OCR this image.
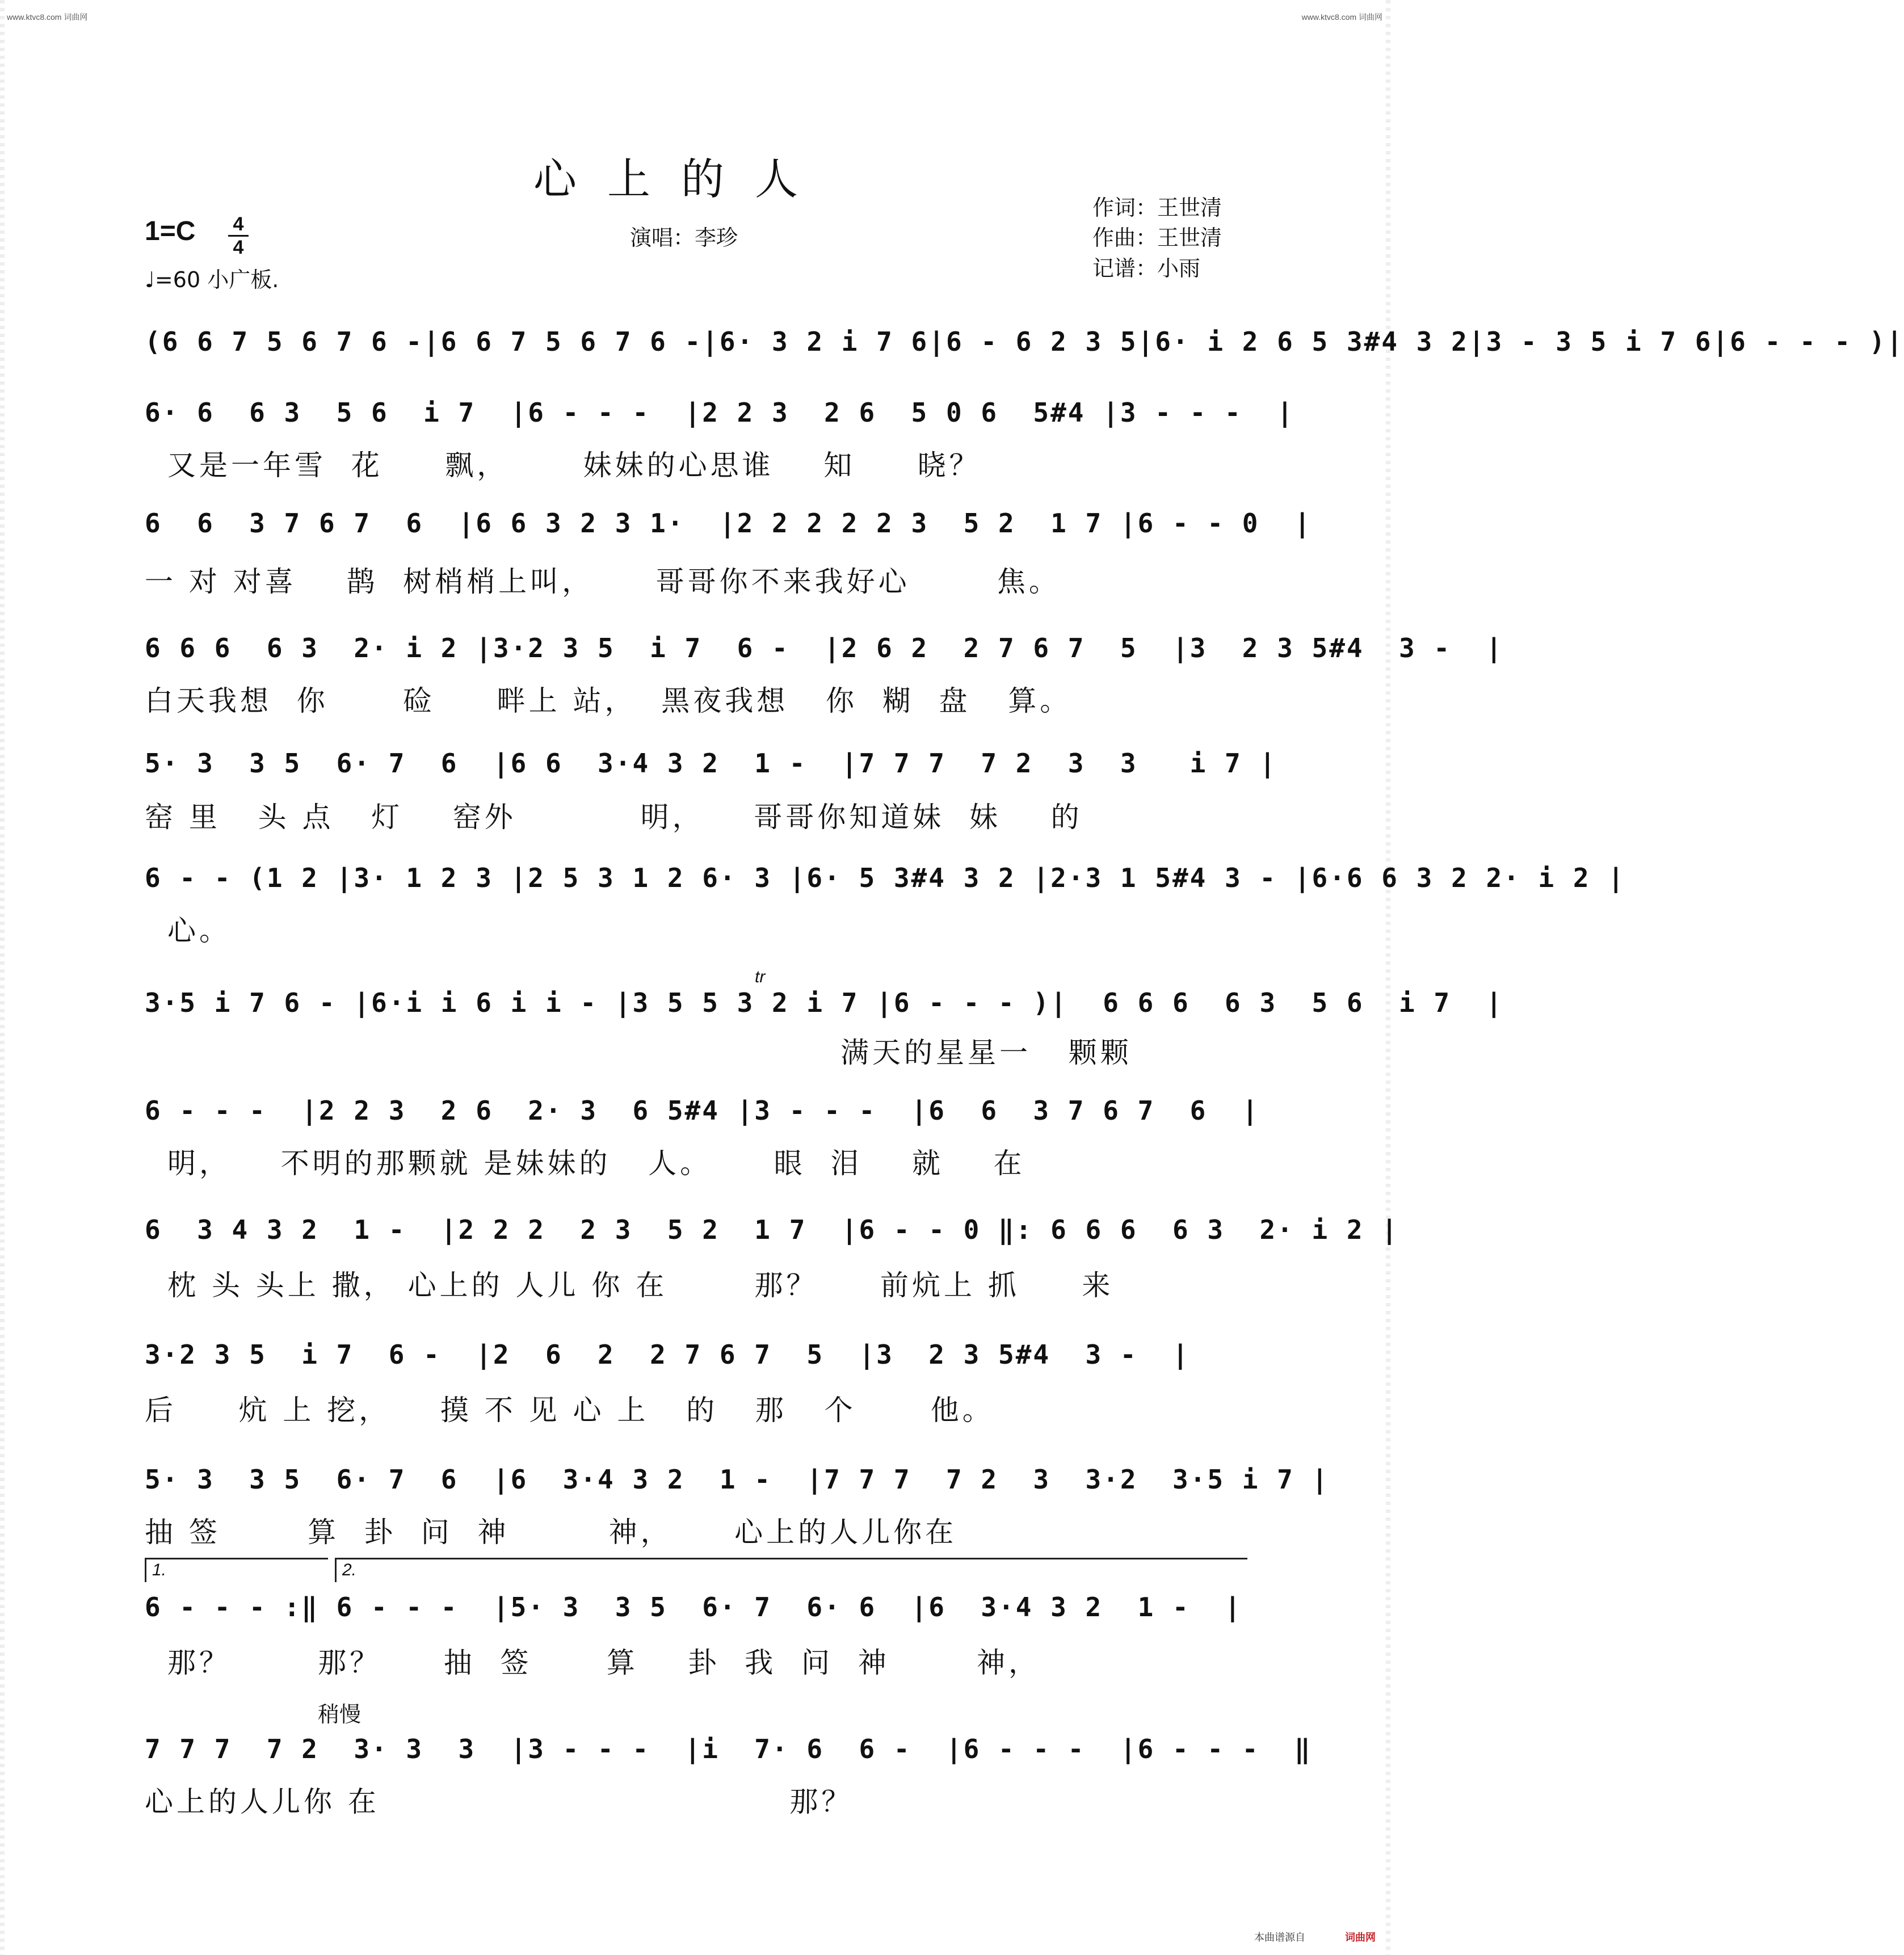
www.ktvc8.com 词曲网	www.ktvc8.com 词曲网
心上的人
作词：王世清
作曲：王世清
记谱：小雨
演唱：李珍
1=C 4
4
♩=60 小广板.
(6 6 7 5 6 7 6 -|6 6 7 5 6 7 6 -|6· 3 2 i 7 6|6 - 6 2 3 5|6· i 2 6 5 3#4 3 2|3 - 3 5 i 7 6|6 - - - )|
6· 6  6 3  5 6  i 7  |6 - - -  |2 2 3  2 6  5 0 6  5#4 |3 - - -  |
又是一年雪  花     飘，      妹妹的心思谁    知     晓？
6  6  3 7 6 7  6  |6 6 3 2 3 1·  |2 2 2 2 2 3  5 2  1 7 |6 - - 0  |
一 对 对喜    鹊  树梢梢上叫，     哥哥你不来我好心       焦。
6 6 6  6 3  2· i 2 |3·2 3 5  i 7  6 -  |2 6 2  2 7 6 7  5  |3  2 3 5#4  3 -  |
白天我想  你      硷     畔上 站，  黑夜我想   你  糊  盘   算。
5· 3  3 5  6· 7  6  |6 6  3·4 3 2  1 -  |7 7 7  7 2  3  3   i 7 |
窑 里   头 点   灯    窑外          明，    哥哥你知道妹  妹    的
6 - - (1 2 |3· 1 2 3 |2 5 3 1 2 6· 3 |6· 5 3#4 3 2 |2·3 1 5#4 3 - |6·6 6 3 2 2· i 2 |
心。
tr
3·5 i 7 6 - |6·i i 6 i i - |3 5 5 3 2 i 7 |6 - - - )|  6 6 6  6 3  5 6  i 7  |
满天的星星一   颗颗
6 - - -  |2 2 3  2 6  2· 3  6 5#4 |3 - - -  |6  6  3 7 6 7  6  |
明，    不明的那颗就 是妹妹的   人。     眼  泪    就    在
6  3 4 3 2  1 -  |2 2 2  2 3  5 2  1 7  |6 - - 0 ‖: 6 6 6  6 3  2· i 2 |
枕 头 头上 撒， 心上的 人儿 你 在       那？     前炕上 抓     来
3·2 3 5  i 7  6 -  |2  6  2  2 7 6 7  5  |3  2 3 5#4  3 -  |
后     炕 上 挖，    摸 不 见 心 上   的   那   个      他。
5· 3  3 5  6· 7  6  |6  3·4 3 2  1 -  |7 7 7  7 2  3  3·2  3·5 i 7 |
抽 签       算  卦  问  神        神，     心上的人儿你在
1.	2.
6 - - - :‖ 6 - - -  |5· 3  3 5  6· 7  6· 6  |6  3·4 3 2  1 -  |
那？       那？     抽  签      算    卦  我  问  神       神，
稍慢
7 7 7  7 2  3· 3  3  |3 - - -  |i  7· 6  6 -  |6 - - -  |6 - - -  ‖
心上的人儿你 在                                 那？
本曲谱源自	词曲网
